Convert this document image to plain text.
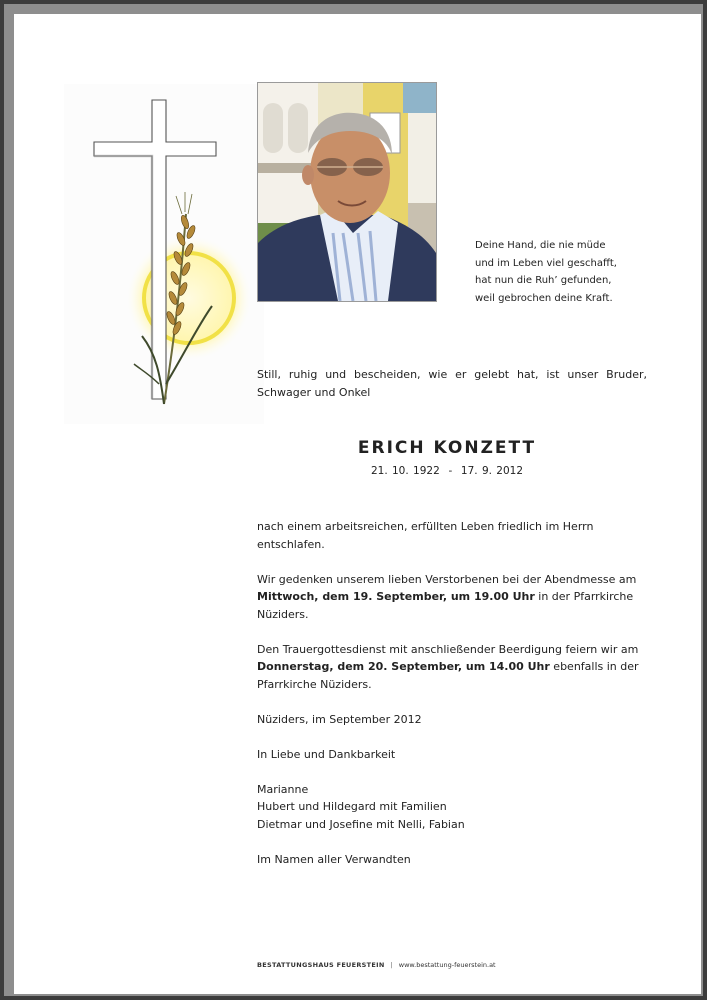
Deine Hand, die nie müde
und im Leben viel geschafft,
hat nun die Ruh’ gefunden,
weil gebrochen deine Kraft.
Still, ruhig und bescheiden, wie er gelebt hat, ist unser Bruder, Schwager und Onkel
ERICH KONZETT
21. 10. 1922  -  17. 9. 2012

nach einem arbeitsreichen, erfüllten Leben friedlich im Herrn entschlafen.

Wir gedenken unserem lieben Verstorbenen bei der Abendmesse am Mittwoch, dem 19. September, um 19.00 Uhr in der Pfarrkirche Nüziders.

Den Trauergottesdienst mit anschließender Beerdigung feiern wir am Donnerstag, dem 20. September, um 14.00 Uhr ebenfalls in der Pfarrkirche Nüziders.

Nüziders, im September 2012

In Liebe und Dankbarkeit

Marianne

Hubert und Hildegard mit Familien

Dietmar und Josefine mit Nelli, Fabian

Im Namen aller Verwandten

BESTATTUNGSHAUS FEUERSTEIN | www.bestattung-feuerstein.at
